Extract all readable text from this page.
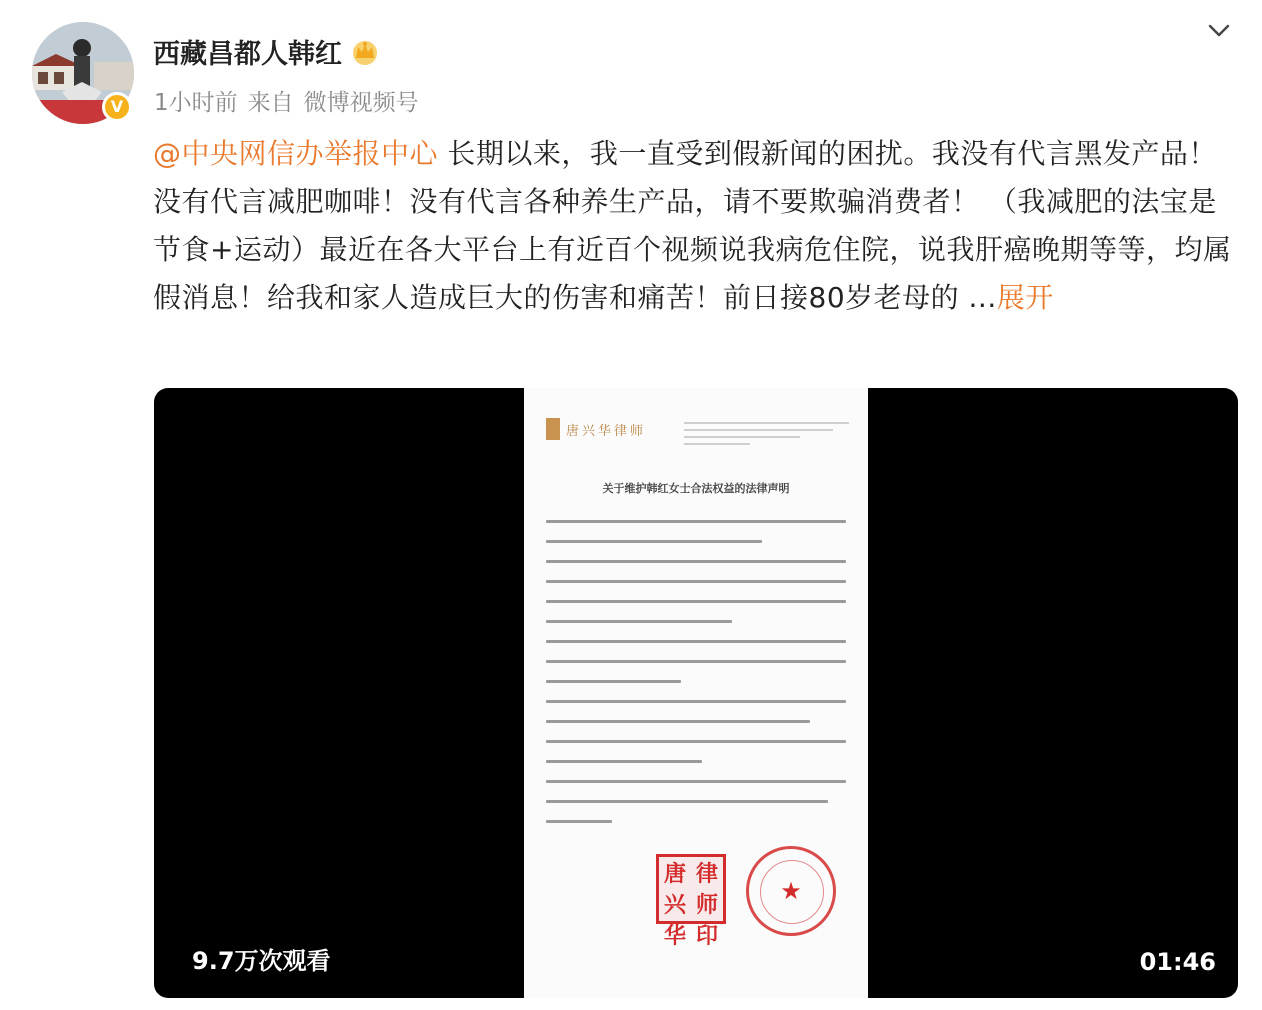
V
西藏昌都人韩红
1小时前 来自 微博视频号
@中央网信办举报中心 长期以来，我一直受到假新闻的困扰。我没有代言黑发产品！没有代言减肥咖啡！没有代言各种养生产品，请不要欺骗消费者！ （我减肥的法宝是节食+运动）最近在各大平台上有近百个视频说我病危住院，说我肝癌晚期等等，均属假消息！给我和家人造成巨大的伤害和痛苦！前日接80岁老母的 ...展开
唐兴华律师
关于维护韩红女士合法权益的法律声明
唐 律
兴 师
华 印
★
9.7万次观看	01:46
